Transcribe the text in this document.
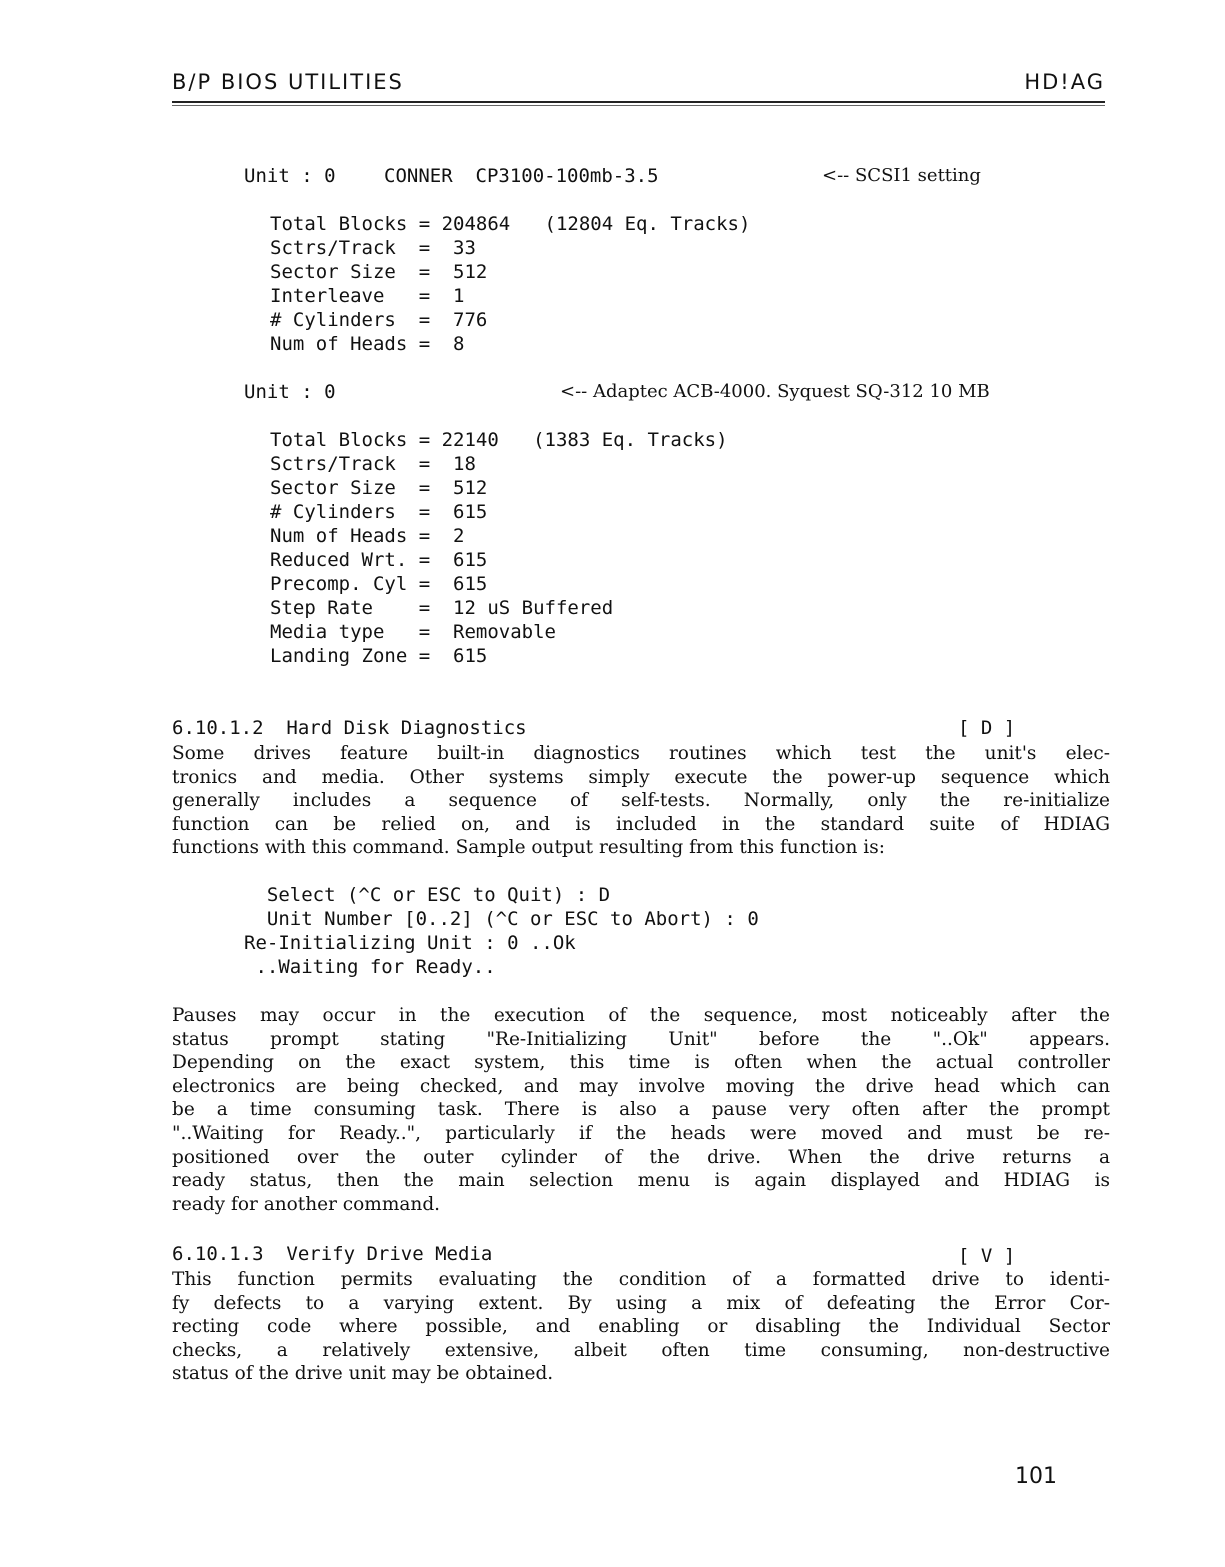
B/P BIOS UTILITIES	HD!AG
Unit : 0	CONNER  CP3100-100mb-3.5	<-- SCSI1 setting
Total Blocks = 204864   (12804 Eq. Tracks)
Sctrs/Track  =  33
Sector Size  =  512
Interleave   =  1
# Cylinders  =  776
Num of Heads =  8
Unit : 0	<-- Adaptec ACB-4000. Syquest SQ-312 10 MB
Total Blocks = 22140   (1383 Eq. Tracks)
Sctrs/Track  =  18
Sector Size  =  512
# Cylinders  =  615
Num of Heads =  2
Reduced Wrt. =  615
Precomp. Cyl =  615
Step Rate    =  12 uS Buffered
Media type   =  Removable
Landing Zone =  615
6.10.1.2  Hard Disk Diagnostics	[ D ]
Some drives feature built-in diagnostics routines which test the unit's elec-
tronics and media. Other systems simply execute the power-up sequence which
generally includes a sequence of self-tests. Normally, only the re-initialize
function can be relied on, and is included in the standard suite of HDIAG
functions with this command. Sample output resulting from this function is:
Select (^C or ESC to Quit) : D
Unit Number [0..2] (^C or ESC to Abort) : 0
Re-Initializing Unit : 0 ..Ok
..Waiting for Ready..
Pauses may occur in the execution of the sequence, most noticeably after the
status prompt stating "Re-Initializing Unit" before the "..Ok" appears.
Depending on the exact system, this time is often when the actual controller
electronics are being checked, and may involve moving the drive head which can
be a time consuming task. There is also a pause very often after the prompt
"..Waiting for Ready..", particularly if the heads were moved and must be re-
positioned over the outer cylinder of the drive. When the drive returns a
ready status, then the main selection menu is again displayed and HDIAG is
ready for another command.
6.10.1.3  Verify Drive Media	[ V ]
This function permits evaluating the condition of a formatted drive to identi-
fy defects to a varying extent. By using a mix of defeating the Error Cor-
recting code where possible, and enabling or disabling the Individual Sector
checks, a relatively extensive, albeit often time consuming, non-destructive
status of the drive unit may be obtained.
101
